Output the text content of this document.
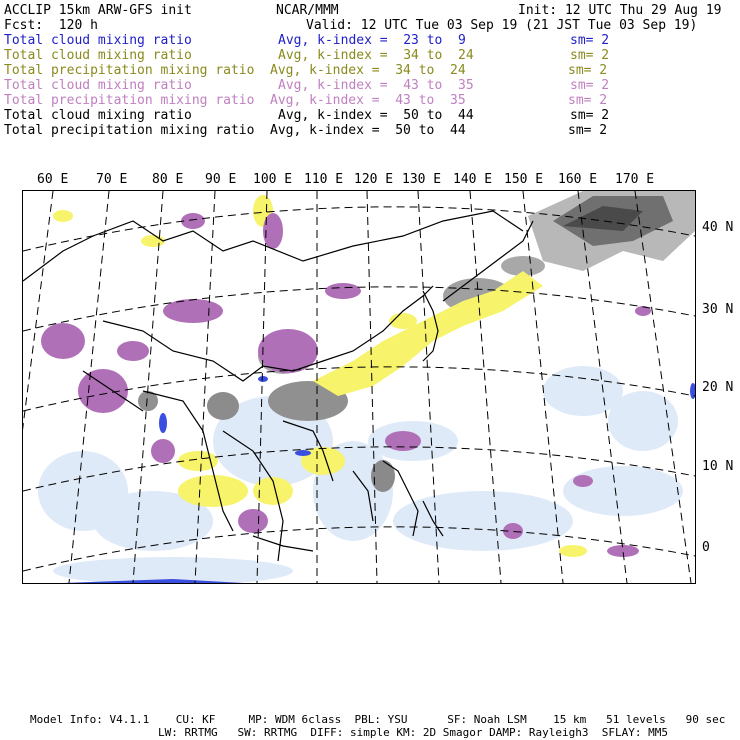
ACCLIP 15km ARW-GFS init	NCAR/MMM	Init: 12 UTC Thu 29 Aug 19
Fcst:  120 h	Valid: 12 UTC Tue 03 Sep 19 (21 JST Tue 03 Sep 19)
Total cloud mixing ratio	Avg, k-index =  23 to  9	sm= 2
Total cloud mixing ratio	Avg, k-index =  34 to  24	sm= 2
Total precipitation mixing ratio Avg, k-index =  34 to  24	sm= 2
Total cloud mixing ratio	Avg, k-index =  43 to  35	sm= 2
Total precipitation mixing ratio Avg, k-index =  43 to  35	sm= 2
Total cloud mixing ratio	Avg, k-index =  50 to  44	sm= 2
Total precipitation mixing ratio Avg, k-index =  50 to  44	sm= 2
60 E 70 E 80 E 90 E 100 E 110 E 120 E 130 E 140 E 150 E 160 E 170 E
40 N
30 N
20 N
10 N
0
Model Info: V4.1.1    CU: KF     MP: WDM 6class  PBL: YSU      SF: Noah LSM    15 km   51 levels   90 sec
LW: RRTMG   SW: RRTMG  DIFF: simple KM: 2D Smagor DAMP: Rayleigh3  SFLAY: MM5
